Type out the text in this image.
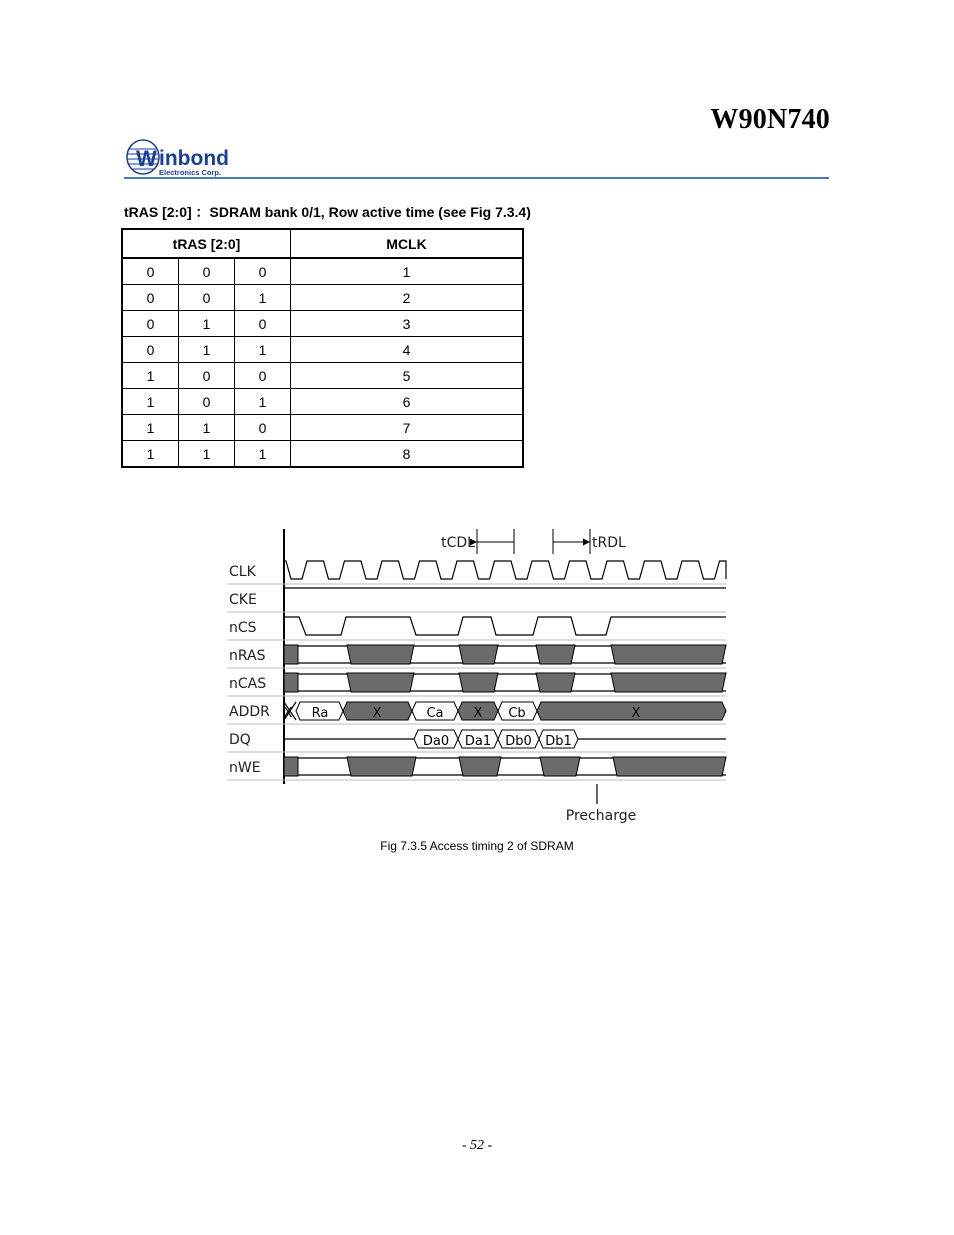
W90N740
W inbond
Electronics Corp.
tRAS [2:0] ：SDRAM bank 0/1, Row active time (see Fig 7.3.4)
tRAS [2:0]			MCLK
0	0	0	1
0	0	1	2
0	1	0	3
0	1	1	4
1	0	0	5
1	0	1	6
1	1	0	7
1	1	1	8
CLK
CKE
nCS
nRAS
nCAS
ADDR
DQ
nWE
X Ra	X	Ca X Cb	X
Da0 Da1 Db0 Db1
tCDL	tRDL
Precharge
Fig 7.3.5 Access timing 2 of SDRAM
- 52 -
